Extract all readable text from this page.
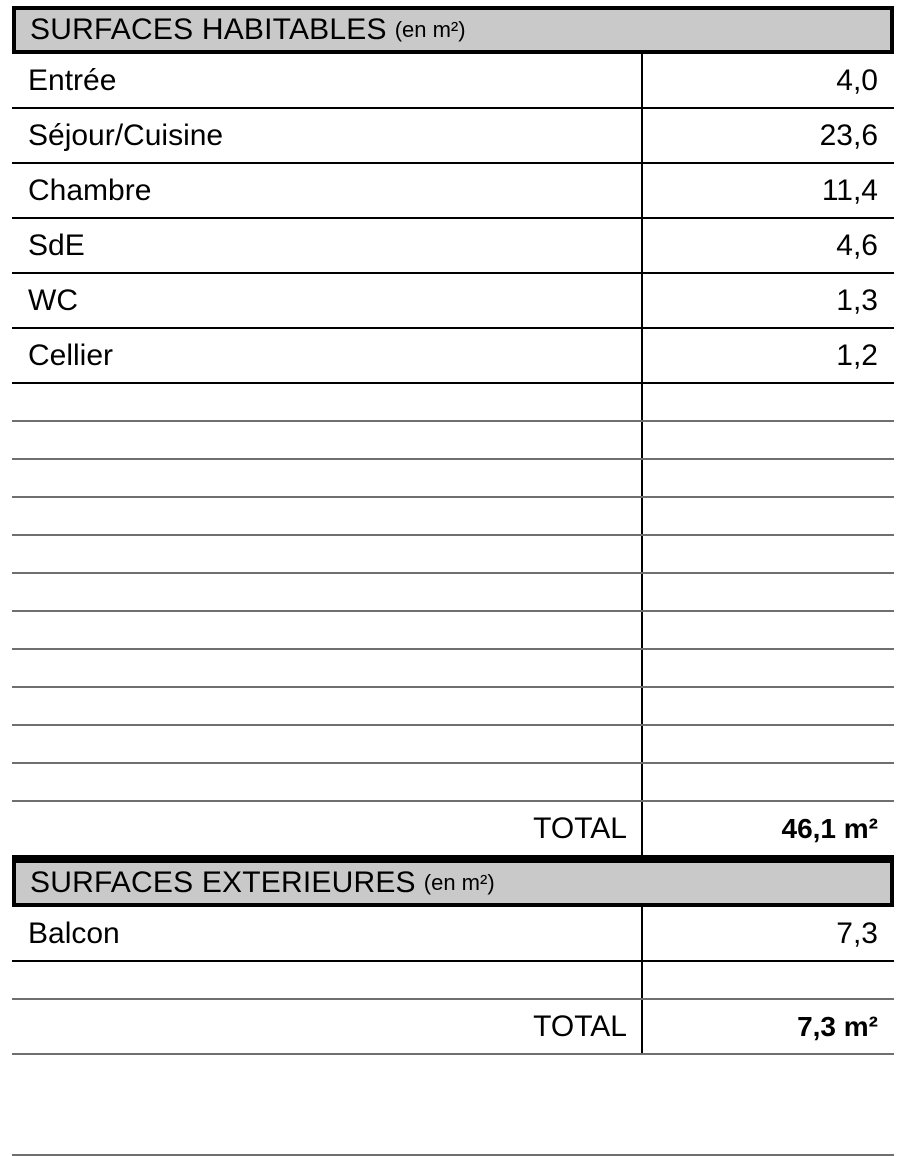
SURFACES HABITABLES (en m²)
Entrée	4,0
Séjour/Cuisine	23,6
Chambre	11,4
SdE	4,6
WC	1,3
Cellier	1,2

TOTAL	46,1 m²
SURFACES EXTERIEURES (en m²)
Balcon	7,3

TOTAL	7,3 m²
